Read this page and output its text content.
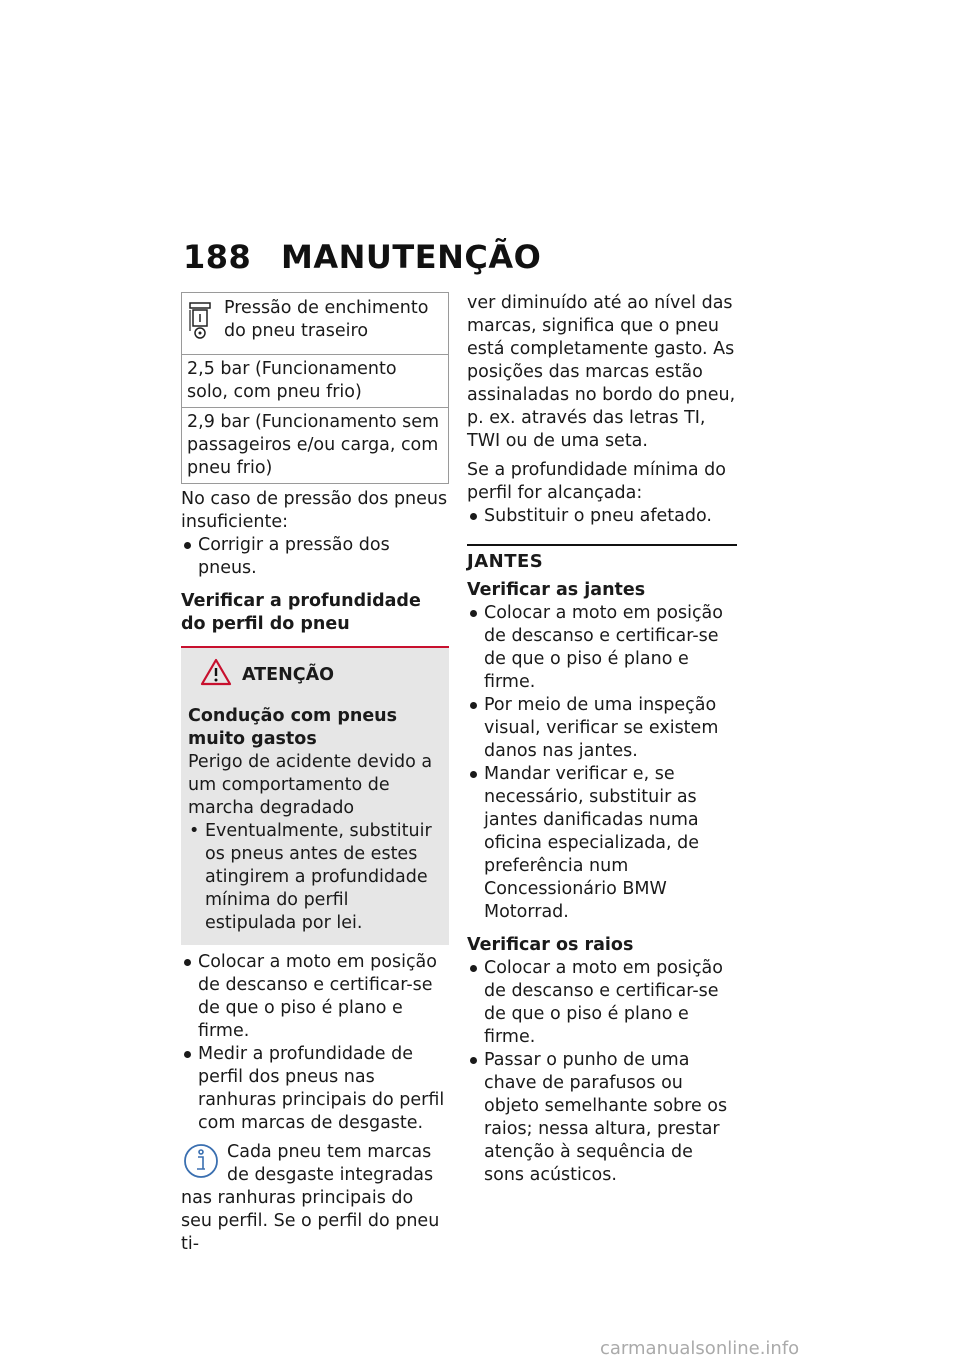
188 MANUTENÇÃO

Pressão de enchimento do pneu traseiro

2,5 bar (Funcionamento solo, com pneu frio)
2,9 bar (Funcionamento sem passageiros e/ou carga, com pneu frio)

No caso de pressão dos pneus insuficiente:

Corrigir a pressão dos pneus.

Verificar a profundidade do perfil do pneu

ATENÇÃO

Condução com pneus muito gastos

Perigo de acidente devido a um comportamento de marcha degradado

• Eventualmente, substituir os pneus antes de estes atingirem a profundidade mínima do perfil estipulada por lei.

Colocar a moto em posição de descanso e certificar-se de que o piso é plano e firme.

Medir a profundidade de perfil dos pneus nas ranhuras principais do perfil com marcas de desgaste.

Cada pneu tem marcas de desgaste integradas nas ranhuras principais do seu perfil. Se o perfil do pneu ti-

ver diminuído até ao nível das marcas, significa que o pneu está completamente gasto. As posições das marcas estão assinaladas no bordo do pneu, p. ex. através das letras TI, TWI ou de uma seta.

Se a profundidade mínima do perfil for alcançada:

Substituir o pneu afetado.

JANTES

Verificar as jantes

Colocar a moto em posição de descanso e certificar-se de que o piso é plano e firme.

Por meio de uma inspeção visual, verificar se existem danos nas jantes.

Mandar verificar e, se necessário, substituir as jantes danificadas numa oficina especializada, de preferência num Concessionário BMW Motorrad.

Verificar os raios

Colocar a moto em posição de descanso e certificar-se de que o piso é plano e firme.

Passar o punho de uma chave de parafusos ou objeto semelhante sobre os raios; nessa altura, prestar atenção à sequência de sons acústicos.

carmanualsonline.info
